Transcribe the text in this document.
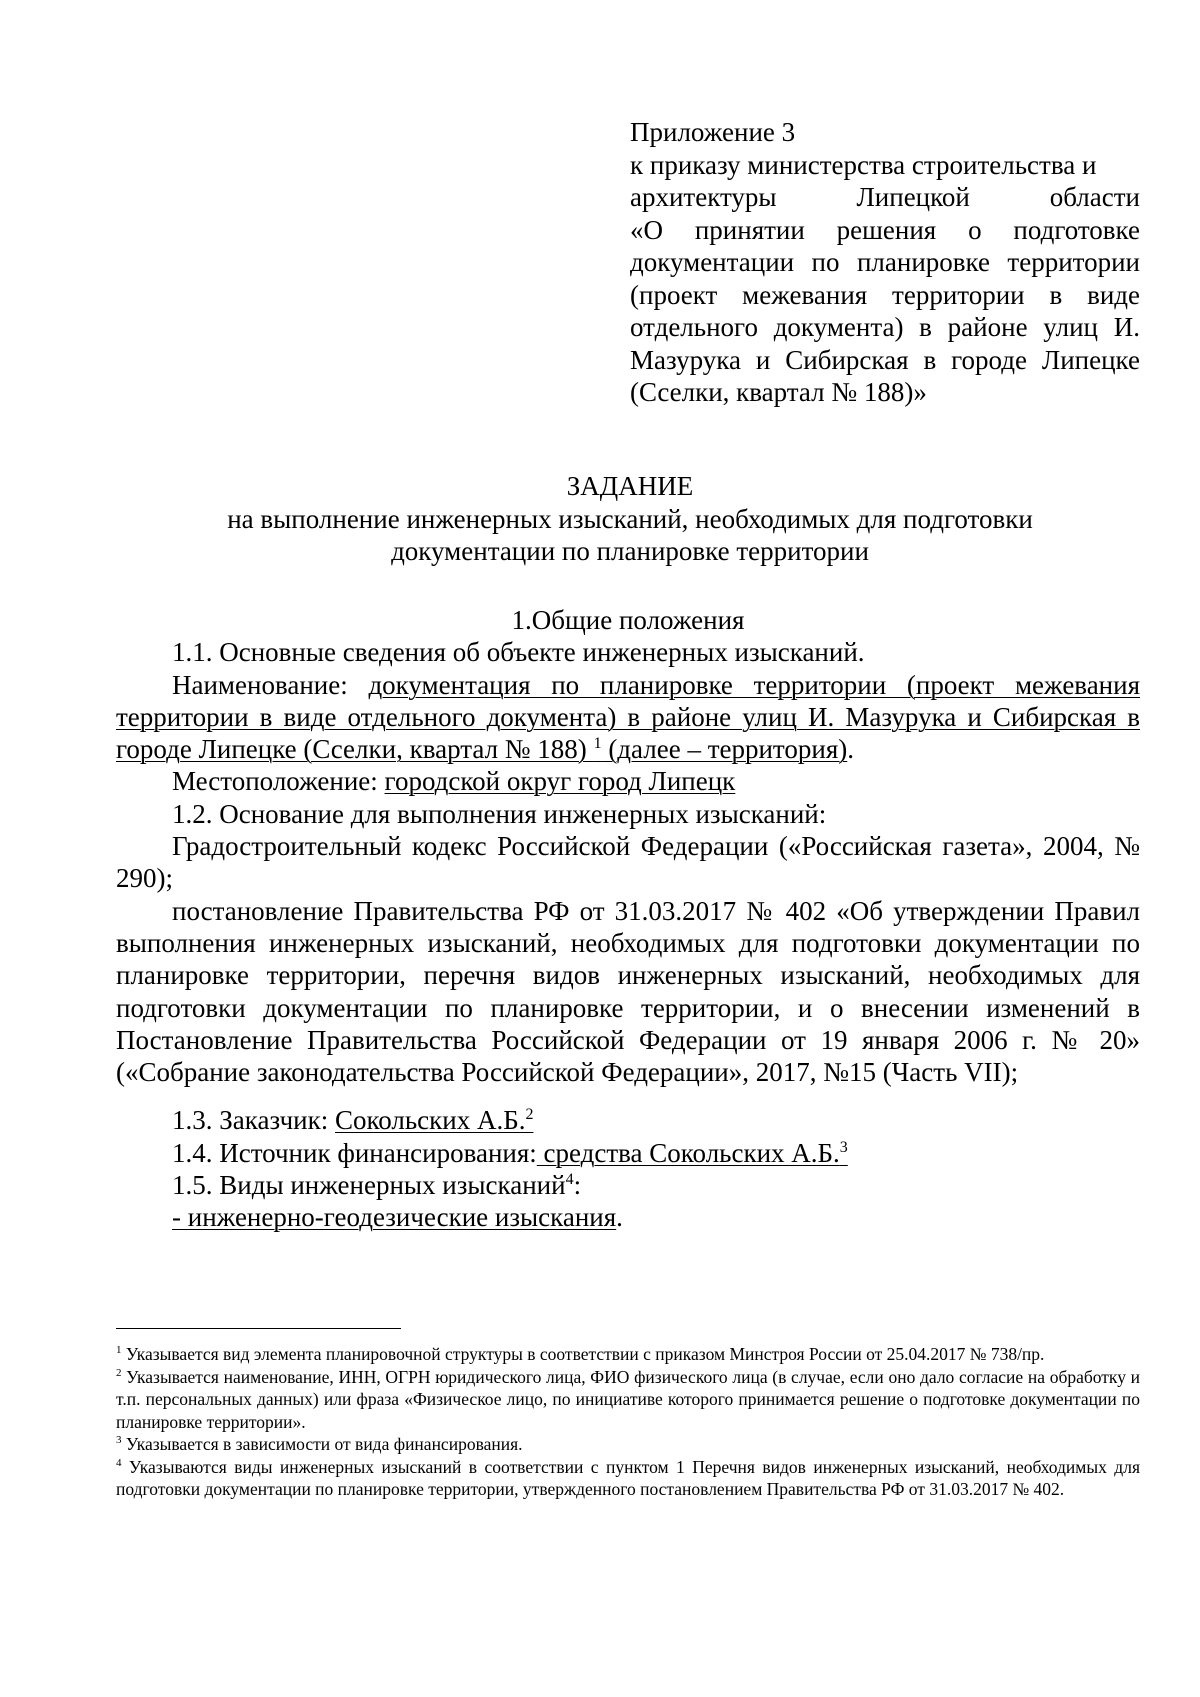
Приложение 3
к приказу министерства строительства и
архитектуры Липецкой области
«О принятии решения о подготовке документации по планировке территории (проект межевания территории в виде отдельного документа) в районе улиц И. Мазурука и Сибирская в городе Липецке (Сселки, квартал № 188)»
ЗАДАНИЕ
на выполнение инженерных изысканий, необходимых для подготовки
документации по планировке территории

1.Общие положения

1.1. Основные сведения об объекте инженерных изысканий.

Наименование: документация по планировке территории (проект межевания территории в виде отдельного документа) в районе улиц И. Мазурука и Сибирская в городе Липецке (Сселки, квартал № 188) $^1$ (далее – территория).

Местоположение: городской округ город Липецк

1.2. Основание для выполнения инженерных изысканий:

Градостроительный кодекс Российской Федерации («Российская газета», 2004, № 290);

постановление Правительства РФ от 31.03.2017 № 402 «Об утверждении Правил выполнения инженерных изысканий, необходимых для подготовки документации по планировке территории, перечня видов инженерных изысканий, необходимых для подготовки документации по планировке территории, и о внесении изменений в Постановление Правительства Российской Федерации от 19 января 2006 г. № 20» («Собрание законодательства Российской Федерации», 2017, №15 (Часть VII);

1.3. Заказчик: Сокольских А.Б.$^2$

1.4. Источник финансирования: средства Сокольских А.Б.$^3$

1.5. Виды инженерных изысканий$^4$:

- инженерно-геодезические изыскания.

$^1$ Указывается вид элемента планировочной структуры в соответствии с приказом Минстроя России от 25.04.2017 № 738/пр.

$^2$ Указывается наименование, ИНН, ОГРН юридического лица, ФИО физического лица (в случае, если оно дало согласие на обработку и т.п. персональных данных) или фраза «Физическое лицо, по инициативе которого принимается решение о подготовке документации по планировке территории».

$^3$ Указывается в зависимости от вида финансирования.

$^4$ Указываются виды инженерных изысканий в соответствии с пунктом 1 Перечня видов инженерных изысканий, необходимых для подготовки документации по планировке территории, утвержденного постановлением Правительства РФ от 31.03.2017 № 402.
